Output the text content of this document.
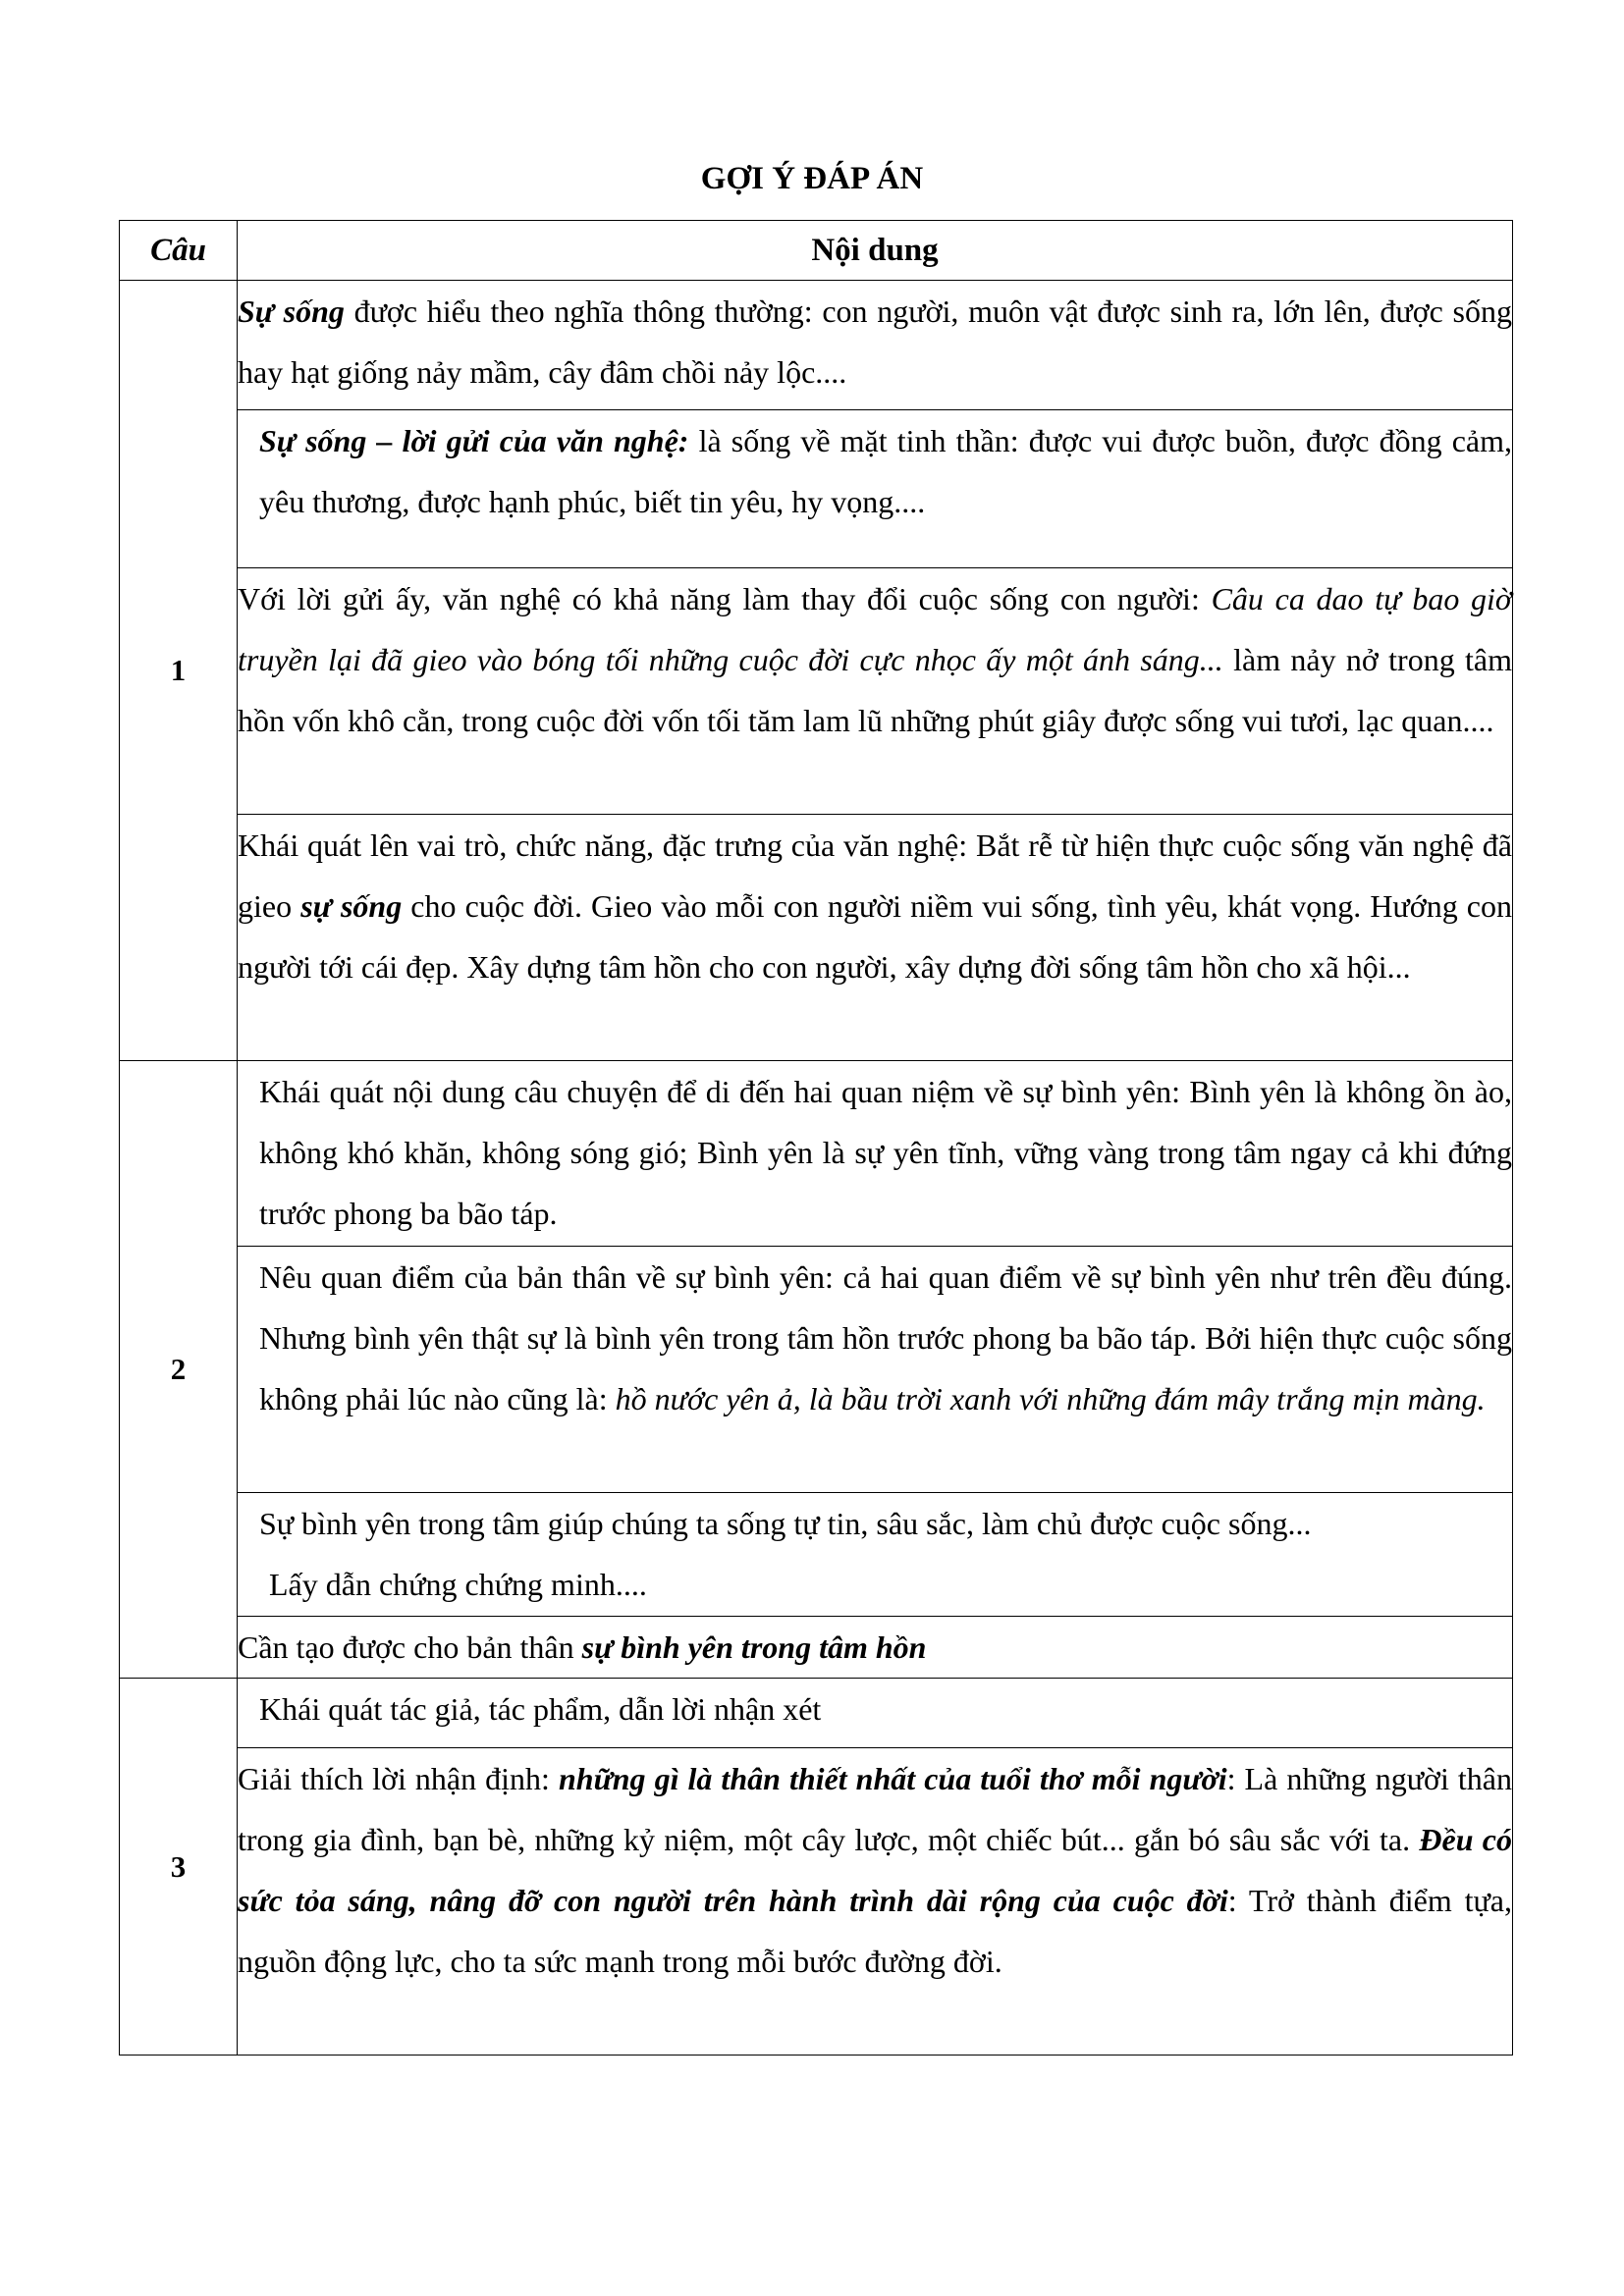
GỢI Ý ĐÁP ÁN
Câu	Nội dung
1	Sự sống được hiểu theo nghĩa thông thường: con người, muôn vật được sinh ra, lớn lên, được sống hay hạt giống nảy mầm, cây đâm chồi nảy lộc....
	Sự sống – lời gửi của văn nghệ: là sống về mặt tinh thần: được vui được buồn, được đồng cảm, yêu thương, được hạnh phúc, biết tin yêu, hy vọng....
	Với lời gửi ấy, văn nghệ có khả năng làm thay đổi cuộc sống con người: Câu ca dao tự bao giờ truyền lại đã gieo vào bóng tối những cuộc đời cực nhọc ấy một ánh sáng... làm nảy nở trong tâm hồn vốn khô cằn, trong cuộc đời vốn tối tăm lam lũ những phút giây được sống vui tươi, lạc quan....
	Khái quát lên vai trò, chức năng, đặc trưng của văn nghệ: Bắt rễ từ hiện thực cuộc sống văn nghệ đã gieo sự sống cho cuộc đời. Gieo vào mỗi con người niềm vui sống, tình yêu, khát vọng. Hướng con người tới cái đẹp. Xây dựng tâm hồn cho con người, xây dựng đời sống tâm hồn cho xã hội...
2	Khái quát nội dung câu chuyện để di đến hai quan niệm về sự bình yên: Bình yên là không ồn ào, không khó khăn, không sóng gió; Bình yên là sự yên tĩnh, vững vàng trong tâm ngay cả khi đứng trước phong ba bão táp.
	Nêu quan điểm của bản thân về sự bình yên: cả hai quan điểm về sự bình yên như trên đều đúng. Nhưng bình yên thật sự là bình yên trong tâm hồn trước phong ba bão táp. Bởi hiện thực cuộc sống không phải lúc nào cũng là: hồ nước yên ả, là bầu trời xanh với những đám mây trắng mịn màng.

	Sự bình yên trong tâm giúp chúng ta sống tự tin, sâu sắc, làm chủ được cuộc sống...
Lấy dẫn chứng chứng minh....

	Cần tạo được cho bản thân sự bình yên trong tâm hồn
3	Khái quát tác giả, tác phẩm, dẫn lời nhận xét
	Giải thích lời nhận định: những gì là thân thiết nhất của tuổi thơ mỗi người: Là những người thân trong gia đình, bạn bè, những kỷ niệm, một cây lược, một chiếc bút... gắn bó sâu sắc với ta. Đều có sức tỏa sáng, nâng đỡ con người trên hành trình dài rộng của cuộc đời: Trở thành điểm tựa, nguồn động lực, cho ta sức mạnh trong mỗi bước đường đời.
